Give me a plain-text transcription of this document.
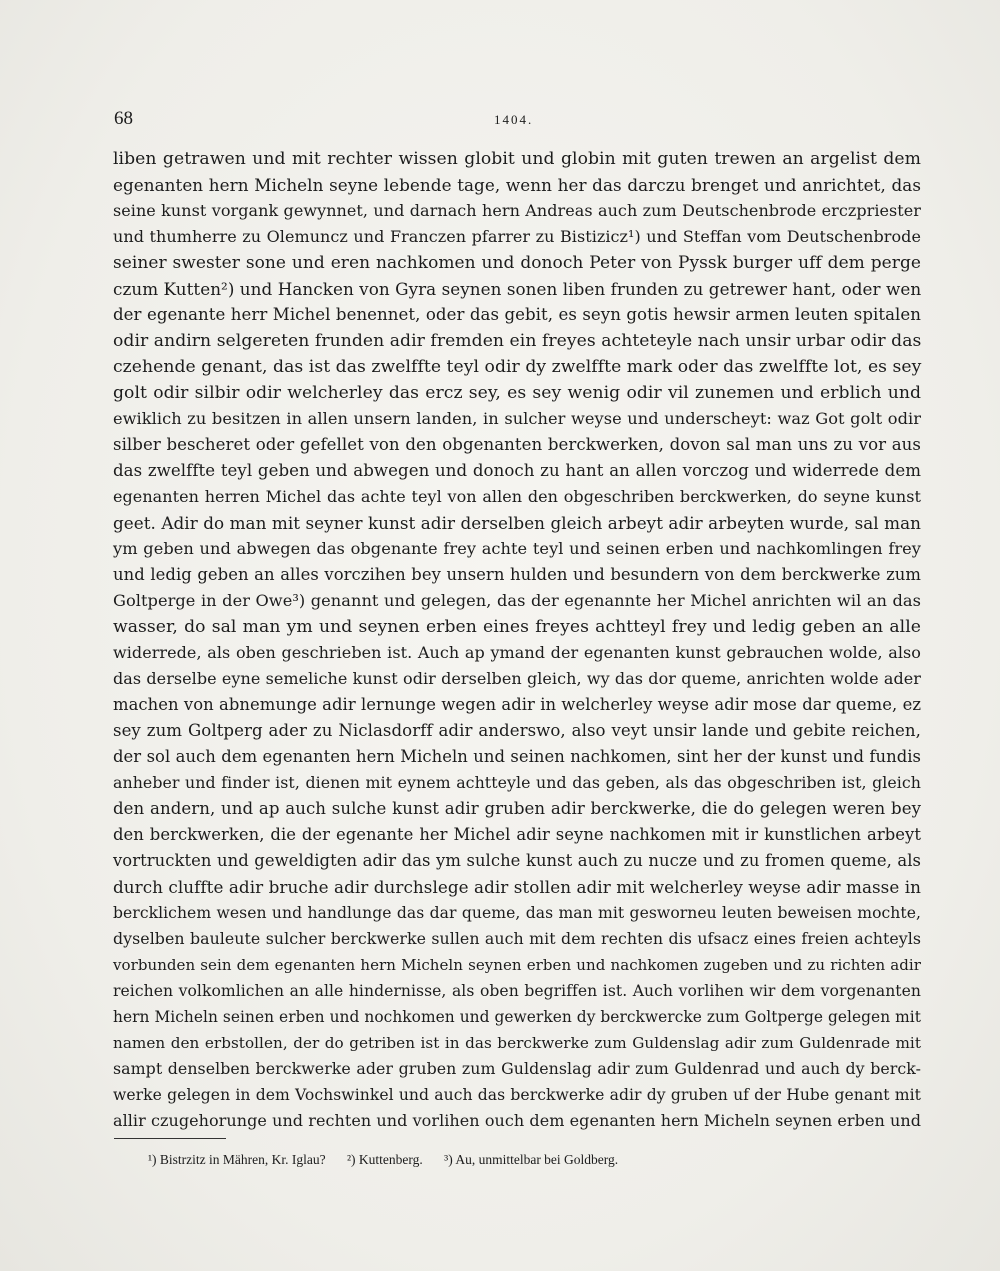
68	1404.
liben getrawen und mit rechter wissen globit und globin mit guten trewen an argelist dem
egenanten hern Micheln seyne lebende tage, wenn her das darczu brenget und anrichtet, das
seine kunst vorgank gewynnet, und darnach hern Andreas auch zum Deutschenbrode erczpriester
und thumherre zu Olemuncz und Franczen pfarrer zu Bistizicz¹) und Steffan vom Deutschenbrode
seiner swester sone und eren nachkomen und donoch Peter von Pyssk burger uff dem perge
czum Kutten²) und Hancken von Gyra seynen sonen liben frunden zu getrewer hant, oder wen
der egenante herr Michel benennet, oder das gebit, es seyn gotis hewsir armen leuten spitalen
odir andirn selgereten frunden adir fremden ein freyes achteteyle nach unsir urbar odir das
czehende genant, das ist das zwelffte teyl odir dy zwelffte mark oder das zwelffte lot, es sey
golt odir silbir odir welcherley das ercz sey, es sey wenig odir vil zunemen und erblich und
ewiklich zu besitzen in allen unsern landen, in sulcher weyse und underscheyt: waz Got golt odir
silber bescheret oder gefellet von den obgenanten berckwerken, dovon sal man uns zu vor aus
das zwelffte teyl geben und abwegen und donoch zu hant an allen vorczog und widerrede dem
egenanten herren Michel das achte teyl von allen den obgeschriben berckwerken, do seyne kunst
geet. Adir do man mit seyner kunst adir derselben gleich arbeyt adir arbeyten wurde, sal man
ym geben und abwegen das obgenante frey achte teyl und seinen erben und nachkomlingen frey
und ledig geben an alles vorczihen bey unsern hulden und besundern von dem berckwerke zum
Goltperge in der Owe³) genannt und gelegen, das der egenannte her Michel anrichten wil an das
wasser, do sal man ym und seynen erben eines freyes achtteyl frey und ledig geben an alle
widerrede, als oben geschrieben ist. Auch ap ymand der egenanten kunst gebrauchen wolde, also
das derselbe eyne semeliche kunst odir derselben gleich, wy das dor queme, anrichten wolde ader
machen von abnemunge adir lernunge wegen adir in welcherley weyse adir mose dar queme, ez
sey zum Goltperg ader zu Niclasdorff adir anderswo, also veyt unsir lande und gebite reichen,
der sol auch dem egenanten hern Micheln und seinen nachkomen, sint her der kunst und fundis
anheber und finder ist, dienen mit eynem achtteyle und das geben, als das obgeschriben ist, gleich
den andern, und ap auch sulche kunst adir gruben adir berckwerke, die do gelegen weren bey
den berckwerken, die der egenante her Michel adir seyne nachkomen mit ir kunstlichen arbeyt
vortruckten und geweldigten adir das ym sulche kunst auch zu nucze und zu fromen queme, als
durch cluffte adir bruche adir durchslege adir stollen adir mit welcherley weyse adir masse in
bercklichem wesen und handlunge das dar queme, das man mit gesworneu leuten beweisen mochte,
dyselben bauleute sulcher berckwerke sullen auch mit dem rechten dis ufsacz eines freien achteyls
vorbunden sein dem egenanten hern Micheln seynen erben und nachkomen zugeben und zu richten adir
reichen volkomlichen an alle hindernisse, als oben begriffen ist. Auch vorlihen wir dem vorgenanten
hern Micheln seinen erben und nochkomen und gewerken dy berckwercke zum Goltperge gelegen mit
namen den erbstollen, der do getriben ist in das berckwerke zum Guldenslag adir zum Guldenrade mit
sampt denselben berckwerke ader gruben zum Guldenslag adir zum Guldenrad und auch dy berck-
werke gelegen in dem Vochswinkel und auch das berckwerke adir dy gruben uf der Hube genant mit
allir czugehorunge und rechten und vorlihen ouch dem egenanten hern Micheln seynen erben und
¹) Bistrzitz in Mähren, Kr. Iglau? ²) Kuttenberg. ³) Au, unmittelbar bei Goldberg.
